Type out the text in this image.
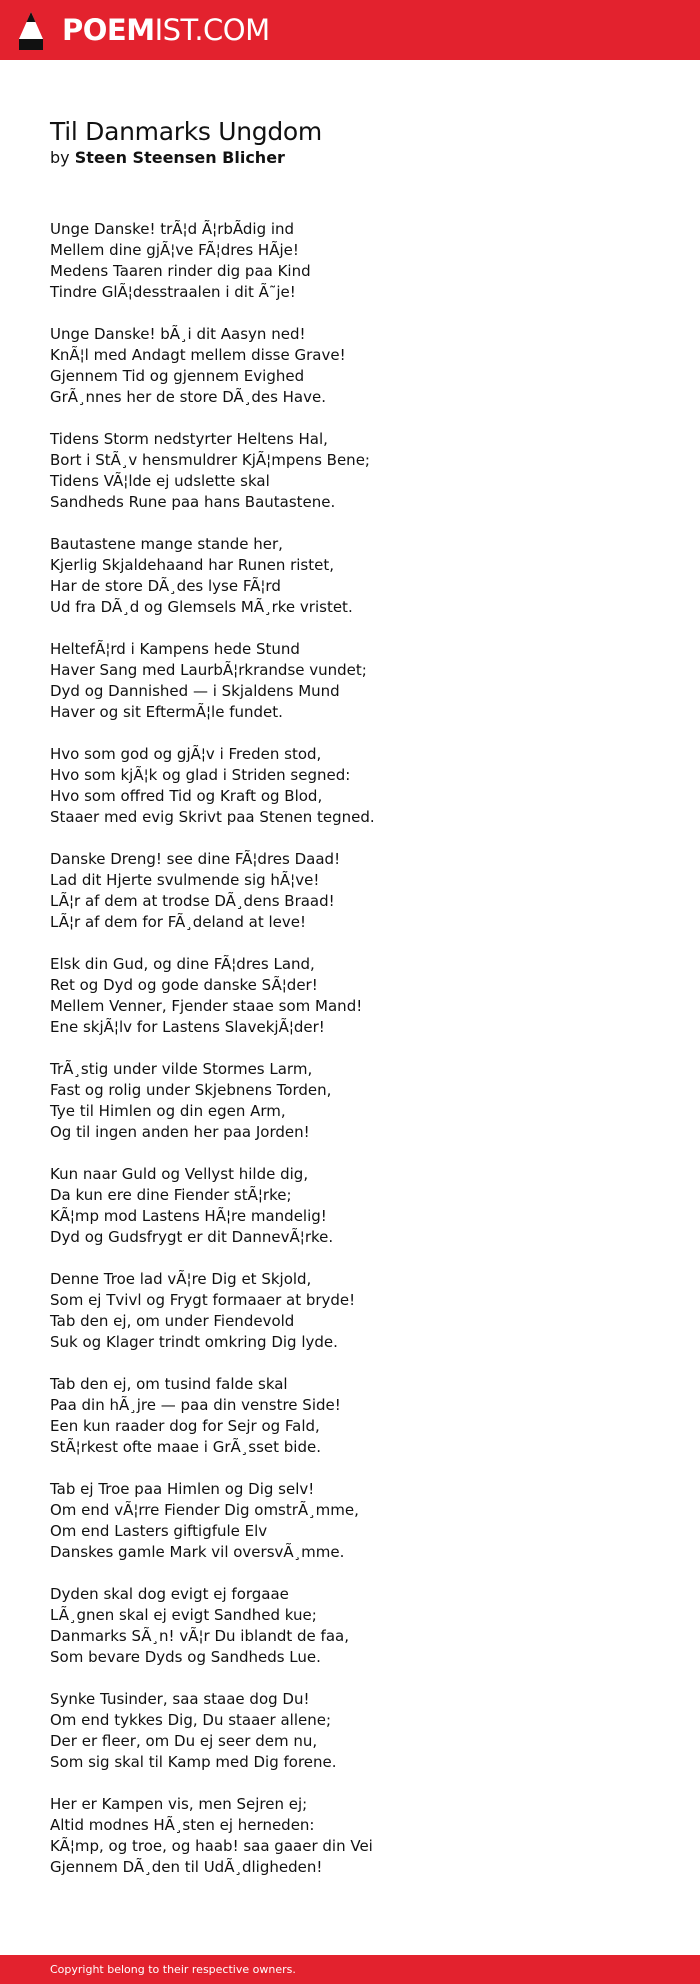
POEMIST.COM
Til Danmarks Ungdom
by Steen Steensen Blicher
Unge Danske! trÃ¦d Ã¦rbÃdig ind
Mellem dine gjÃ¦ve FÃ¦dres HÃje!
Medens Taaren rinder dig paa Kind
Tindre GlÃ¦desstraalen i dit Ã˜je!
Unge Danske! bÃ¸i dit Aasyn ned!
KnÃ¦l med Andagt mellem disse Grave!
Gjennem Tid og gjennem Evighed
GrÃ¸nnes her de store DÃ¸des Have.
Tidens Storm nedstyrter Heltens Hal,
Bort i StÃ¸v hensmuldrer KjÃ¦mpens Bene;
Tidens VÃ¦lde ej udslette skal
Sandheds Rune paa hans Bautastene.
Bautastene mange stande her,
Kjerlig Skjaldehaand har Runen ristet,
Har de store DÃ¸des lyse FÃ¦rd
Ud fra DÃ¸d og Glemsels MÃ¸rke vristet.
HeltefÃ¦rd i Kampens hede Stund
Haver Sang med LaurbÃ¦rkrandse vundet;
Dyd og Dannished — i Skjaldens Mund
Haver og sit EftermÃ¦le fundet.
Hvo som god og gjÃ¦v i Freden stod,
Hvo som kjÃ¦k og glad i Striden segned:
Hvo som offred Tid og Kraft og Blod,
Staaer med evig Skrivt paa Stenen tegned.
Danske Dreng! see dine FÃ¦dres Daad!
Lad dit Hjerte svulmende sig hÃ¦ve!
LÃ¦r af dem at trodse DÃ¸dens Braad!
LÃ¦r af dem for FÃ¸deland at leve!
Elsk din Gud, og dine FÃ¦dres Land,
Ret og Dyd og gode danske SÃ¦der!
Mellem Venner, Fjender staae som Mand!
Ene skjÃ¦lv for Lastens SlavekjÃ¦der!
TrÃ¸stig under vilde Stormes Larm,
Fast og rolig under Skjebnens Torden,
Tye til Himlen og din egen Arm,
Og til ingen anden her paa Jorden!
Kun naar Guld og Vellyst hilde dig,
Da kun ere dine Fiender stÃ¦rke;
KÃ¦mp mod Lastens HÃ¦re mandelig!
Dyd og Gudsfrygt er dit DannevÃ¦rke.
Denne Troe lad vÃ¦re Dig et Skjold,
Som ej Tvivl og Frygt formaaer at bryde!
Tab den ej, om under Fiendevold
Suk og Klager trindt omkring Dig lyde.
Tab den ej, om tusind falde skal
Paa din hÃ¸jre — paa din venstre Side!
Een kun raader dog for Sejr og Fald,
StÃ¦rkest ofte maae i GrÃ¸sset bide.
Tab ej Troe paa Himlen og Dig selv!
Om end vÃ¦rre Fiender Dig omstrÃ¸mme,
Om end Lasters giftigfule Elv
Danskes gamle Mark vil oversvÃ¸mme.
Dyden skal dog evigt ej forgaae
LÃ¸gnen skal ej evigt Sandhed kue;
Danmarks SÃ¸n! vÃ¦r Du iblandt de faa,
Som bevare Dyds og Sandheds Lue.
Synke Tusinder, saa staae dog Du!
Om end tykkes Dig, Du staaer allene;
Der er fleer, om Du ej seer dem nu,
Som sig skal til Kamp med Dig forene.
Her er Kampen vis, men Sejren ej;
Altid modnes HÃ¸sten ej herneden:
KÃ¦mp, og troe, og haab! saa gaaer din Vei
Gjennem DÃ¸den til UdÃ¸dligheden!
Copyright belong to their respective owners.
